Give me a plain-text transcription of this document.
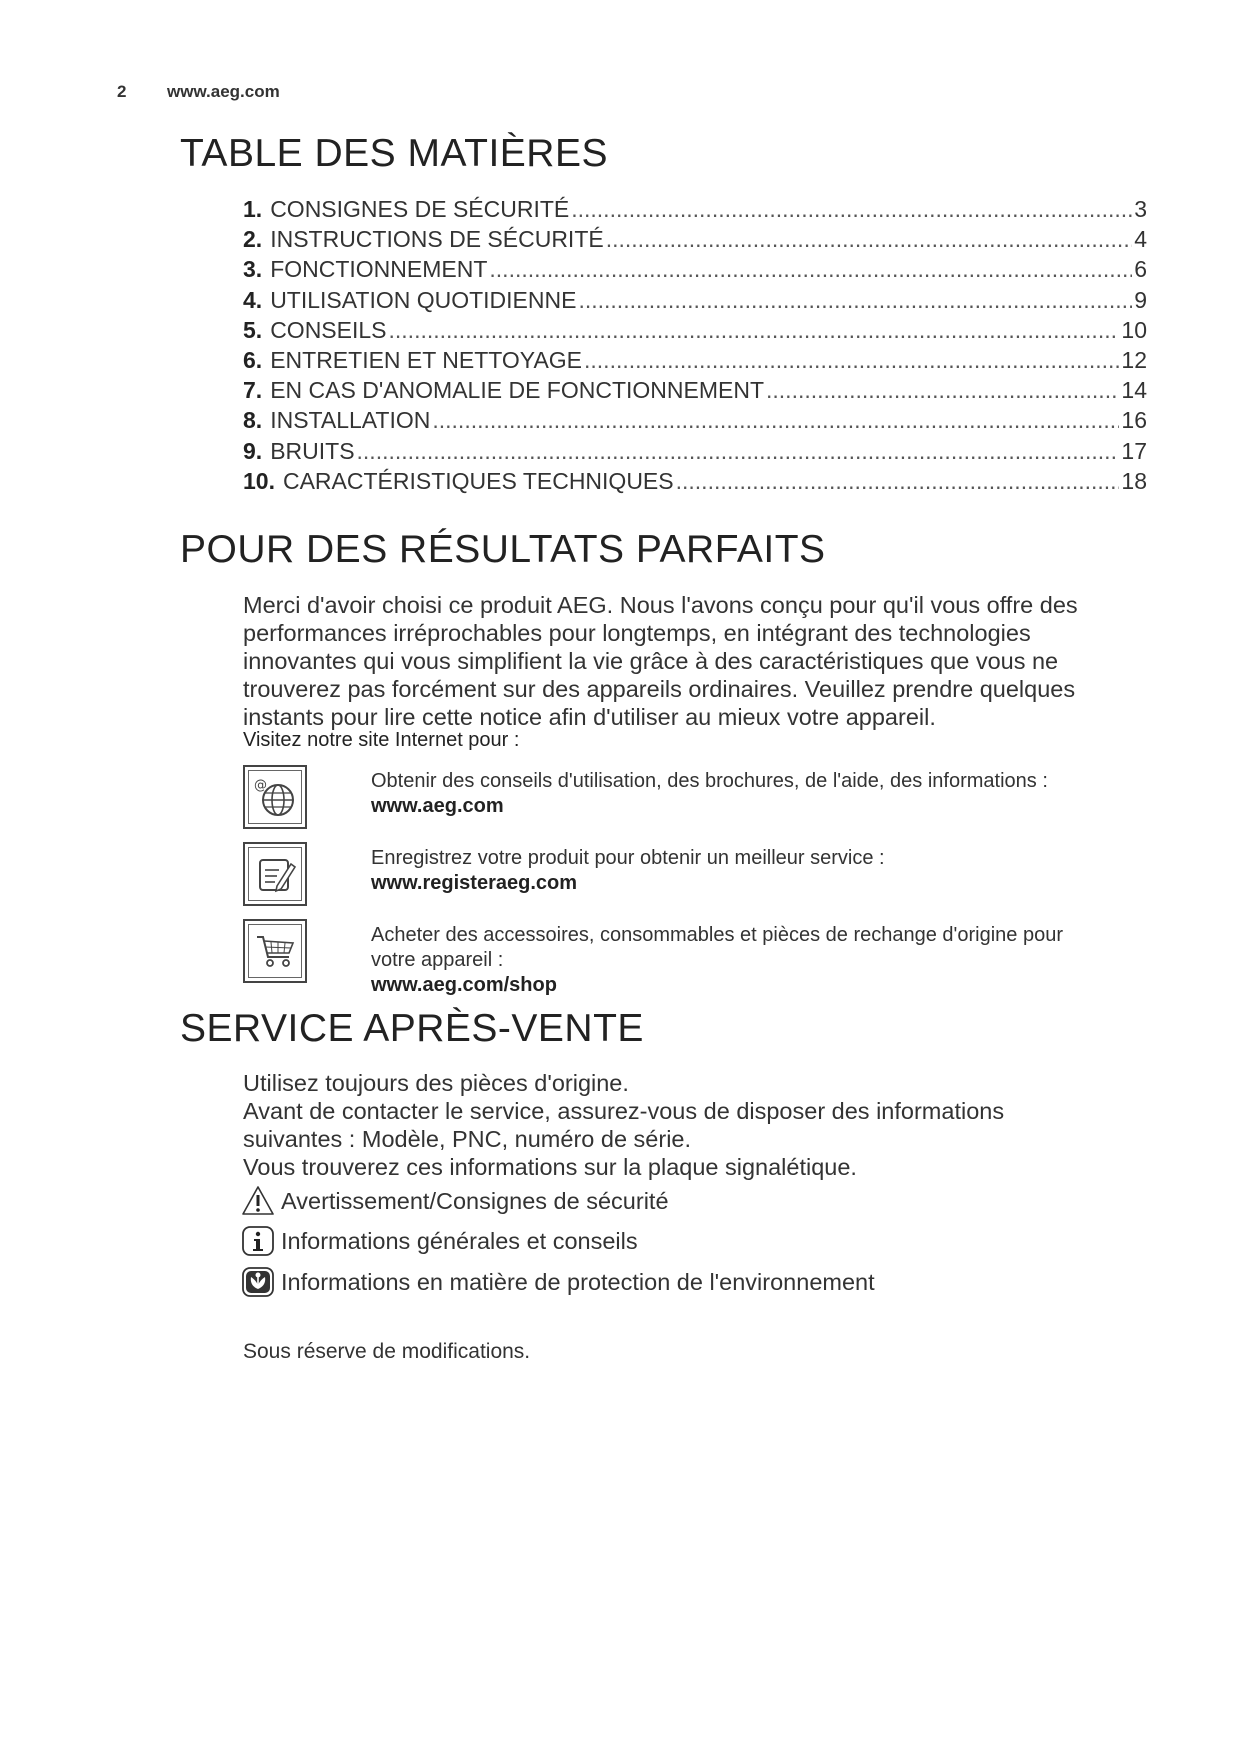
2 www.aeg.com
TABLE DES MATIÈRES
1. CONSIGNES DE SÉCURITÉ .....	3
2. INSTRUCTIONS DE SÉCURITÉ .....	4
3. FONCTIONNEMENT .....	6
4. UTILISATION QUOTIDIENNE .....	9
5. CONSEILS .....	10
6. ENTRETIEN ET NETTOYAGE .....	12
7. EN CAS D'ANOMALIE DE FONCTIONNEMENT .....	14
8. INSTALLATION .....	16
9. BRUITS .....	17
10. CARACTÉRISTIQUES TECHNIQUES .....	18
POUR DES RÉSULTATS PARFAITS
Merci d'avoir choisi ce produit AEG. Nous l'avons conçu pour qu'il vous offre des
performances irréprochables pour longtemps, en intégrant des technologies
innovantes qui vous simplifient la vie grâce à des caractéristiques que vous ne
trouverez pas forcément sur des appareils ordinaires. Veuillez prendre quelques
instants pour lire cette notice afin d'utiliser au mieux votre appareil.
Visitez notre site Internet pour :
@	Obtenir des conseils d'utilisation, des brochures, de l'aide, des informations :
www.aeg.com
Enregistrez votre produit pour obtenir un meilleur service :
www.registeraeg.com
Acheter des accessoires, consommables et pièces de rechange d'origine pour
votre appareil :
www.aeg.com/shop
SERVICE APRÈS-VENTE
Utilisez toujours des pièces d'origine.
Avant de contacter le service, assurez-vous de disposer des informations
suivantes : Modèle, PNC, numéro de série.
Vous trouverez ces informations sur la plaque signalétique.
Avertissement/Consignes de sécurité
Informations générales et conseils
Informations en matière de protection de l'environnement
Sous réserve de modifications.
